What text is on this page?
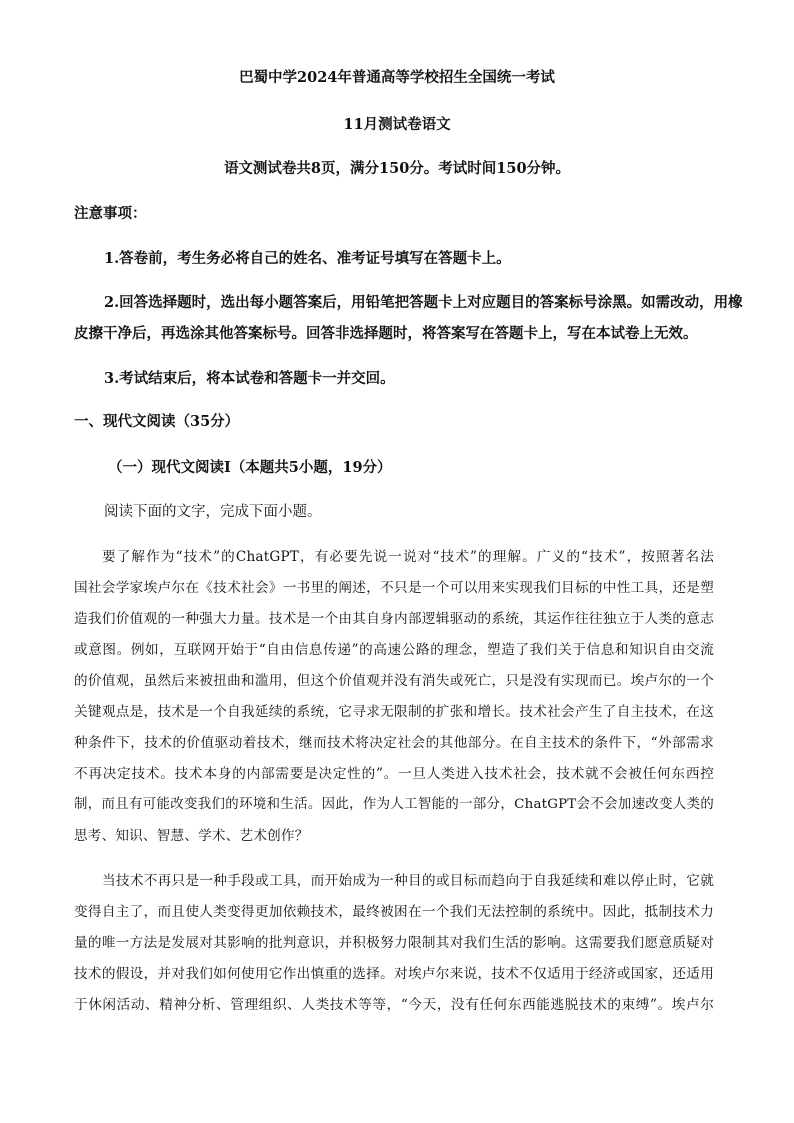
巴蜀中学2024年普通高等学校招生全国统一考试
11月测试卷语文
语文测试卷共8页，满分150分。考试时间150分钟。
注意事项：
1.答卷前，考生务必将自己的姓名、准考证号填写在答题卡上。
2.回答选择题时，选出每小题答案后，用铅笔把答题卡上对应题目的答案标号涂黑。如需改动，用橡
皮擦干净后，再选涂其他答案标号。回答非选择题时，将答案写在答题卡上，写在本试卷上无效。
3.考试结束后，将本试卷和答题卡一并交回。
一、现代文阅读（35分）
（一）现代文阅读Ⅰ（本题共5小题，19分）
阅读下面的文字，完成下面小题。
要了解作为“技术”的ChatGPT，有必要先说一说对“技术”的理解。广义的“技术”，按照著名法
国社会学家埃卢尔在《技术社会》一书里的阐述，不只是一个可以用来实现我们目标的中性工具，还是塑
造我们价值观的一种强大力量。技术是一个由其自身内部逻辑驱动的系统，其运作往往独立于人类的意志
或意图。例如，互联网开始于“自由信息传递”的高速公路的理念，塑造了我们关于信息和知识自由交流
的价值观，虽然后来被扭曲和滥用，但这个价值观并没有消失或死亡，只是没有实现而已。埃卢尔的一个
关键观点是，技术是一个自我延续的系统，它寻求无限制的扩张和增长。技术社会产生了自主技术，在这
种条件下，技术的价值驱动着技术，继而技术将决定社会的其他部分。在自主技术的条件下，“外部需求
不再决定技术。技术本身的内部需要是决定性的”。一旦人类进入技术社会，技术就不会被任何东西控
制，而且有可能改变我们的环境和生活。因此，作为人工智能的一部分，ChatGPT会不会加速改变人类的
思考、知识、智慧、学术、艺术创作？
当技术不再只是一种手段或工具，而开始成为一种目的或目标而趋向于自我延续和难以停止时，它就
变得自主了，而且使人类变得更加依赖技术，最终被困在一个我们无法控制的系统中。因此，抵制技术力
量的唯一方法是发展对其影响的批判意识，并积极努力限制其对我们生活的影响。这需要我们愿意质疑对
技术的假设，并对我们如何使用它作出慎重的选择。对埃卢尔来说，技术不仅适用于经济或国家，还适用
于休闲活动、精神分析、管理组织、人类技术等等，“今天，没有任何东西能逃脱技术的束缚”。埃卢尔
